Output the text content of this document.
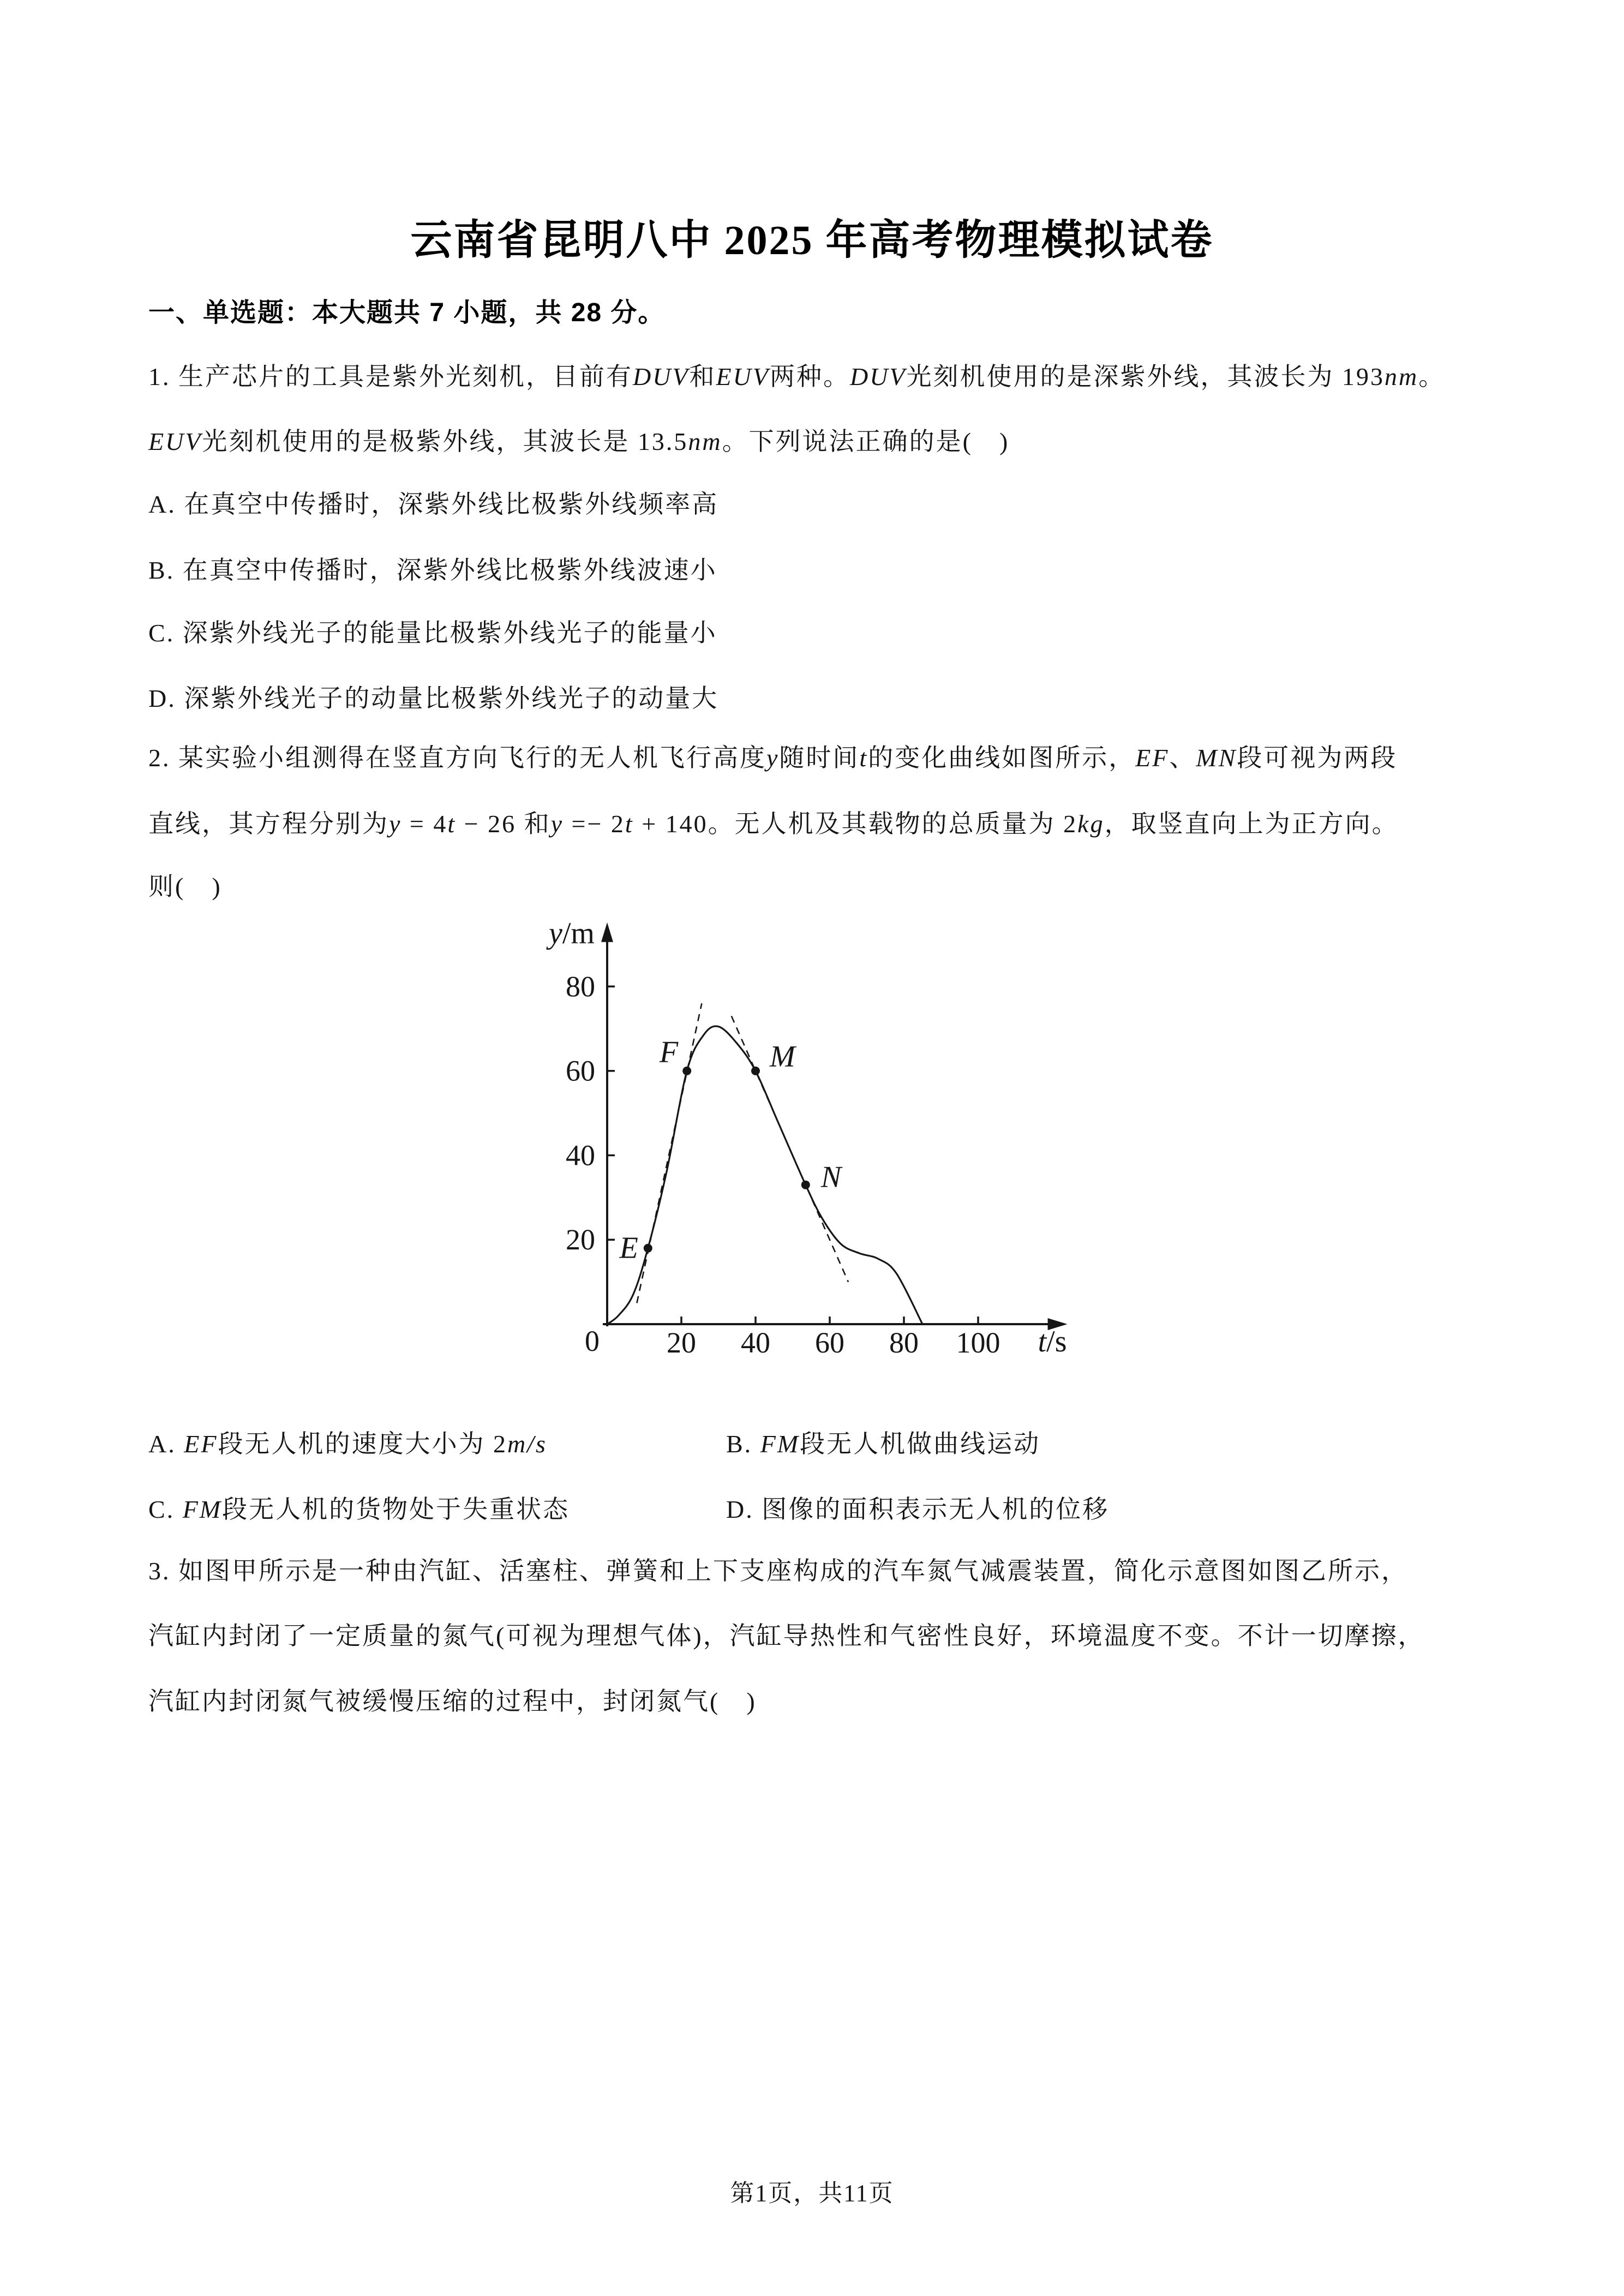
云南省昆明八中 2025 年高考物理模拟试卷
一、单选题：本大题共 7 小题，共 28 分。
1. 生产芯片的工具是紫外光刻机，目前有DUV和EUV两种。DUV光刻机使用的是深紫外线，其波长为 193nm。
EUV光刻机使用的是极紫外线，其波长是 13.5nm。下列说法正确的是(　)
A. 在真空中传播时，深紫外线比极紫外线频率高
B. 在真空中传播时，深紫外线比极紫外线波速小
C. 深紫外线光子的能量比极紫外线光子的能量小
D. 深紫外线光子的动量比极紫外线光子的动量大
2. 某实验小组测得在竖直方向飞行的无人机飞行高度y随时间t的变化曲线如图所示，EF、MN段可视为两段
直线，其方程分别为y = 4t − 26 和y =− 2t + 140。无人机及其载物的总质量为 2kg，取竖直向上为正方向。
则(　)
20 40 60 80 100
20
40
60
80
0
y/m
t/s
E
F	M
N
A. EF段无人机的速度大小为 2m/s	B. FM段无人机做曲线运动
C. FM段无人机的货物处于失重状态	D. 图像的面积表示无人机的位移
3. 如图甲所示是一种由汽缸、活塞柱、弹簧和上下支座构成的汽车氮气减震装置，简化示意图如图乙所示，
汽缸内封闭了一定质量的氮气(可视为理想气体)，汽缸导热性和气密性良好，环境温度不变。不计一切摩擦，
汽缸内封闭氮气被缓慢压缩的过程中，封闭氮气(　)
第1页，共11页
